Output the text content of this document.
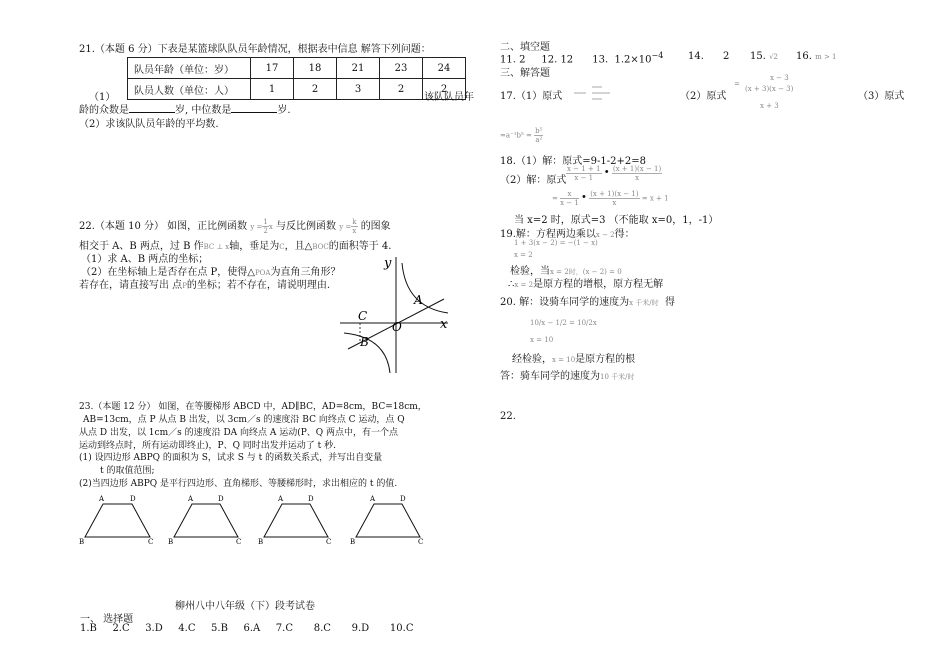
21.（本题 6 分）下表是某篮球队队员年龄情况，根据表中信息 解答下列问题：
队员年龄（单位：岁）	17	18	21	23	24
队员人数（单位：人）	1	2	3	2	2
（1）	该队队员年
龄的众数是	岁, 中位数是	岁.
（2）求该队队员年龄的平均数.
22.（本题 10 分） 如图，正比例函数 $y = \frac{1}{2}x$ 与反比例函数 $y = \frac{k}{x}$ 的图象
相交于 A、B 两点，过 B 作BC ⊥ x轴，垂足为C，且△BOC的面积等于 4.
（1）求 A、B 两点的坐标；
（2）在坐标轴上是否存在点 P，使得△POA为直角三角形？
若存在，请直接写出 点P的坐标；若不存在，请说明理由.
y
x
A
B
C
O
23.（本题 12 分） 如图，在等腰梯形 ABCD 中，AD∥BC，AD=8cm，BC=18cm，
AB=13cm，点 P 从点 B 出发，以 3cm／s 的速度沿 BC 向终点 C 运动，点 Q
从点 D 出发，以 1cm／s 的速度沿 DA 向终点 A 运动(P、Q 两点中，有一个点
运动到终点时，所有运动即终止)，P、Q 同时出发并运动了 t 秒.
(1) 设四边形 ABPQ 的面积为 S，试求 S 与 t 的函数关系式，并写出自变量
t 的取值范围;
(2)当四边形 ABPQ 是平行四边形、直角梯形、等腰梯形时，求出相应的 t 的值.
A	D
B	C
A	D
B	C
A	D
B	C
A	D
B	C
柳州八中八年级（下）段考试卷
一、 选择题
1.B 2.C 3.D 4.C 5.B 6.A 7.C 8.C 9.D 10.C
二、填空题
11. 2 12. 12 13. $1.2\times 10^{-4}$ 14. 2 15. √2 16. m > 1
三、解答题
17.（1）原式	（2）原式
=
x − 3
(x + 3)(x − 3)
x + 3
（3）原式
$=a^{-1}b^5 = \frac{\text{b⁵}}{\text{a²}}$
18.（1）解：原式=9-1-2+2=8
（2）解：原式 $\frac{x - 1 + 1}{x - 1}$ • $\frac{(x + 1)(x - 1)}{x}$
= $\frac{x}{x - 1}$ • $\frac{(x + 1)(x - 1)}{x} = x + 1$
当 x=2 时，原式=3 （不能取 x=0，1，-1）
19.解：方程两边乘以x − 2得：
1 + 3(x − 2) = −(1 − x)
x = 2
检验，当x = 2时，(x − 2) = 0
∴x = 2是原方程的增根，原方程无解
20. 解：设骑车同学的速度为x 千米/时 得
10/x − 1/2 = 10/2x
x = 10
经检验，x = 10是原方程的根
答：骑车同学的速度为10 千米/时
22.
